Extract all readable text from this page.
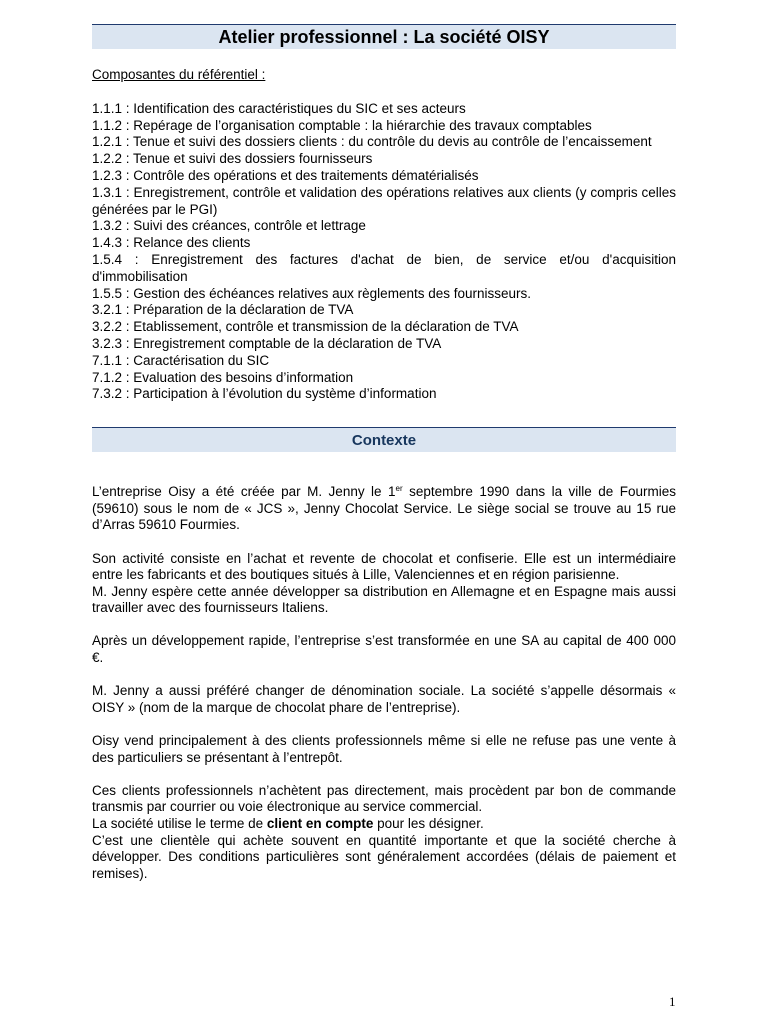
Atelier professionnel : La société OISY
Composantes du référentiel :
1.1.1 : Identification des caractéristiques du SIC et ses acteurs
1.1.2 : Repérage de l’organisation comptable : la hiérarchie des travaux comptables
1.2.1 : Tenue et suivi des dossiers clients : du contrôle du devis au contrôle de l’encaissement
1.2.2 : Tenue et suivi des dossiers fournisseurs
1.2.3 : Contrôle des opérations et des traitements dématérialisés
1.3.1 : Enregistrement, contrôle et validation des opérations relatives aux clients (y compris celles générées par le PGI)
1.3.2 : Suivi des créances, contrôle et lettrage
1.4.3 : Relance des clients
1.5.4 : Enregistrement des factures d'achat de bien, de service et/ou d'acquisition d'immobilisation
1.5.5 : Gestion des échéances relatives aux règlements des fournisseurs.
3.2.1 : Préparation de la déclaration de TVA
3.2.2 : Etablissement, contrôle et transmission de la déclaration de TVA
3.2.3 : Enregistrement comptable de la déclaration de TVA
7.1.1 : Caractérisation du SIC
7.1.2 : Evaluation des besoins d’information
7.3.2 : Participation à l’évolution du système d’information
Contexte

L’entreprise Oisy a été créée par M. Jenny le 1er septembre 1990 dans la ville de Fourmies (59610) sous le nom de « JCS », Jenny Chocolat Service. Le siège social se trouve au 15 rue d’Arras 59610 Fourmies.

Son activité consiste en l’achat et revente de chocolat et confiserie. Elle est un intermédiaire entre les fabricants et des boutiques situés à Lille, Valenciennes et en région parisienne.
M. Jenny espère cette année développer sa distribution en Allemagne et en Espagne mais aussi travailler avec des fournisseurs Italiens.

Après un développement rapide, l’entreprise s’est transformée en une SA au capital de 400 000 €.

M. Jenny a aussi préféré changer de dénomination sociale. La société s’appelle désormais « OISY » (nom de la marque de chocolat phare de l’entreprise).

Oisy vend principalement à des clients professionnels même si elle ne refuse pas une vente à des particuliers se présentant à l’entrepôt.

Ces clients professionnels n’achètent pas directement, mais procèdent par bon de commande transmis par courrier ou voie électronique au service commercial.
La société utilise le terme de client en compte pour les désigner.
C’est une clientèle qui achète souvent en quantité importante et que la société cherche à développer. Des conditions particulières sont généralement accordées (délais de paiement et remises).

1
